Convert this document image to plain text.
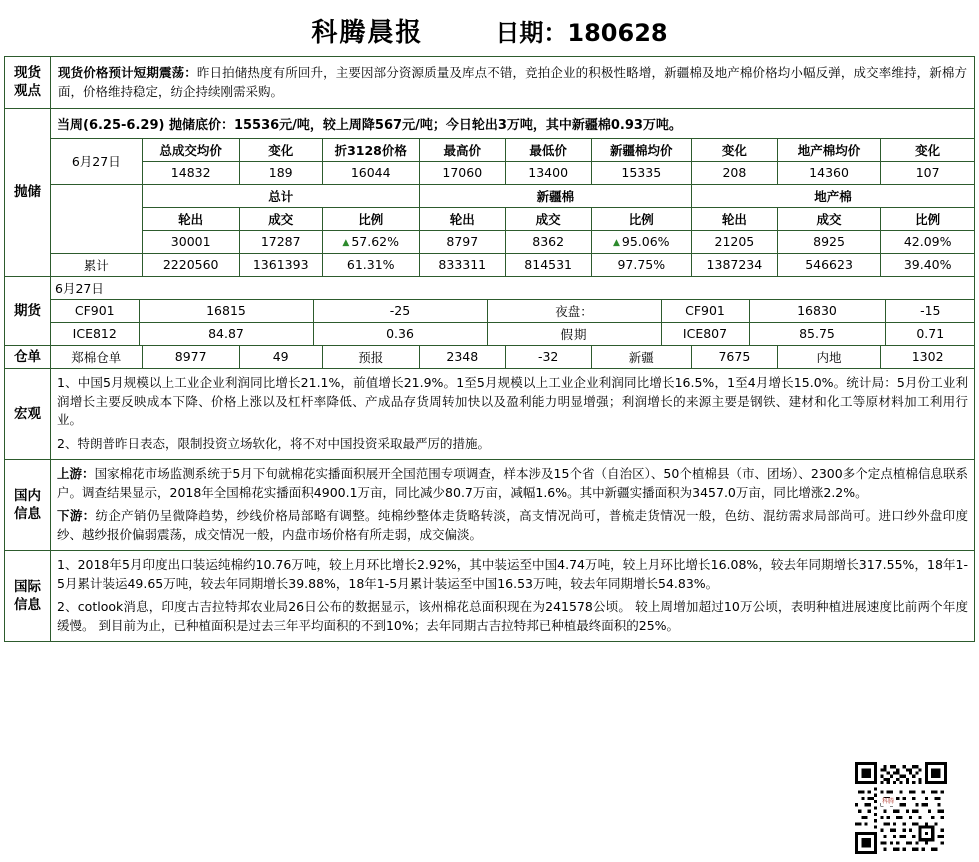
科腾晨报	日期：180628
现货
观点

现货价格预计短期震荡：昨日拍储热度有所回升，主要因部分资源质量及库点不错，竞拍企业的积极性略增，新疆棉及地产棉价格均小幅反弹，成交率维持，新棉方面，价格维持稳定，纺企持续刚需采购。

抛储	
当周(6.25-6.29) 抛储底价：15536元/吨，较上周降567元/吨；今日轮出3万吨，其中新疆棉0.93万吨。
6月27日	总成交均价	变化	折3128价格	最高价	最低价	新疆棉均价	变化	地产棉均价	变化
14832	189	16044	17060	13400	15335	208	14360	107
	总计	新疆棉	地产棉
	轮出	成交	比例	轮出	成交	比例	轮出	成交	比例
	30001	17287	▲ 57.62%	8797	8362	▲ 95.06%	21205	8925	42.09%
累计	2220560	1361393	61.31%	833311	814531	97.75%	1387234	546623	39.40%

期货	
6月27日
CF901	16815	-25	夜盘：	CF901	16830	-15
ICE812	84.87	0.36	假期	ICE807	85.75	0.71

仓单	郑棉仓单	8977	49	预报	2348	-32	新疆	7675	内地	1302

宏观	
1、中国5月规模以上工业企业利润同比增长21.1%，前值增长21.9%。1至5月规模以上工业企业利润同比增长16.5%，1至4月增长15.0%。统计局：5月份工业利润增长主要反映成本下降、价格上涨以及杠杆率降低、产成品存货周转加快以及盈利能力明显增强；利润增长的来源主要是钢铁、建材和化工等原材料加工利用行业。
2、特朗普昨日表态，限制投资立场软化，将不对中国投资采取最严厉的措施。

国内
信息

上游：国家棉花市场监测系统于5月下旬就棉花实播面积展开全国范围专项调查，样本涉及15个省（自治区）、50个植棉县（市、团场）、2300多个定点植棉信息联系户。调查结果显示，2018年全国棉花实播面积4900.1万亩，同比减少80.7万亩，减幅1.6%。其中新疆实播面积为3457.0万亩，同比增涨2.2%。
下游：纺企产销仍呈微降趋势，纱线价格局部略有调整。纯棉纱整体走货略转淡，高支情况尚可，普梳走货情况一般，色纺、混纺需求局部尚可。进口纱外盘印度纱、越纱报价偏弱震荡，成交情况一般，内盘市场价格有所走弱，成交偏淡。

国际
信息

1、2018年5月印度出口装运纯棉约10.76万吨，较上月环比增长2.92%，其中装运至中国4.74万吨，较上月环比增长16.08%，较去年同期增长317.55%，18年1-5月累计装运49.65万吨，较去年同期增长39.88%，18年1-5月累计装运至中国16.53万吨，较去年同期增长54.83%。
2、cotlook消息，印度古吉拉特邦农业局26日公布的数据显示，该州棉花总面积现在为241578公顷。 较上周增加超过10万公顷，表明种植进展速度比前两个年度缓慢。 到目前为止，已种植面积是过去三年平均面积的不到10%；去年同期古吉拉特邦已种植最终面积的25%。
科腾
